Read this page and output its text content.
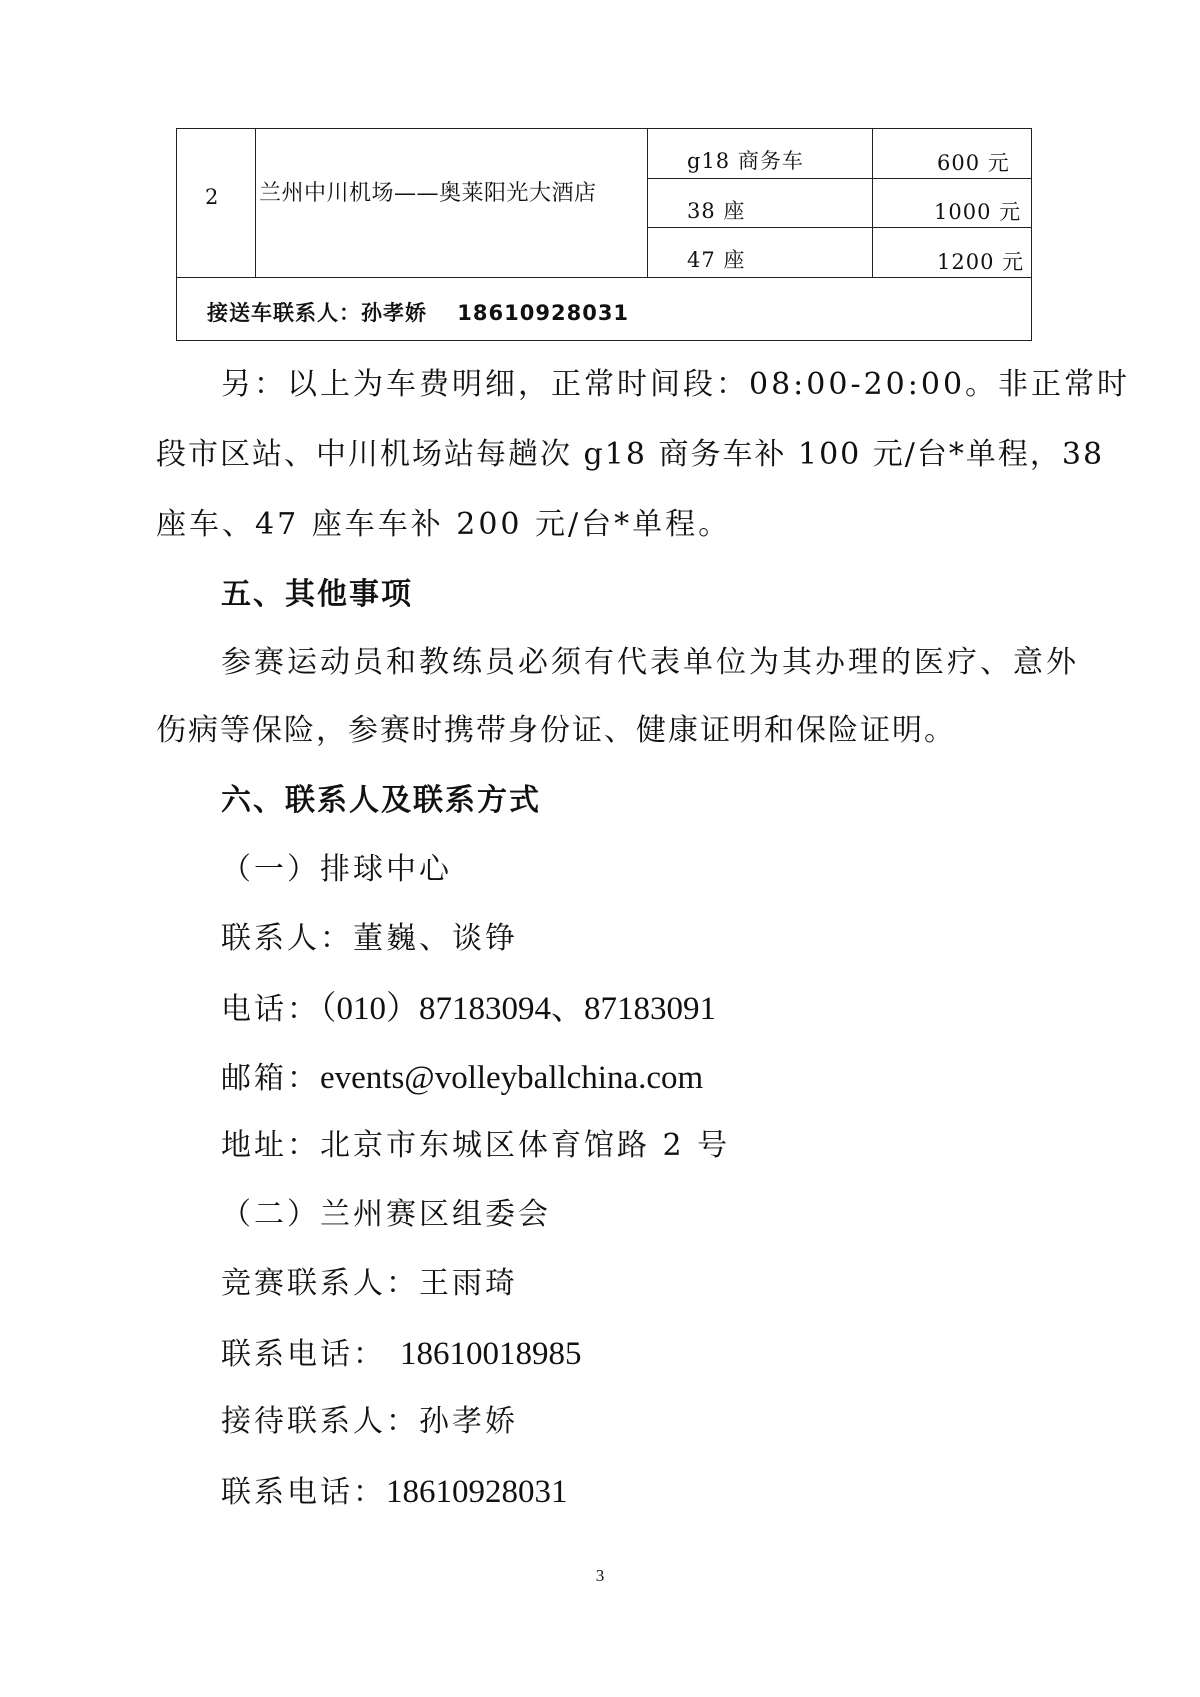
2 兰州中川机场——奥莱阳光大酒店
g18 商务车	600 元
38 座	1000 元
47 座	1200 元
接送车联系人：孙孝娇　 18610928031
另：以上为车费明细，正常时间段：08:00-20:00。非正常时
段市区站、中川机场站每趟次 g18 商务车补 100 元/台*单程，38
座车、47 座车车补 200 元/台*单程。
五、其他事项
参赛运动员和教练员必须有代表单位为其办理的医疗、意外
伤病等保险，参赛时携带身份证、健康证明和保险证明。
六、联系人及联系方式
（一）排球中心
联系人：董巍、谈铮
电话：（010）87183094、87183091
邮箱：events@volleyballchina.com
地址：北京市东城区体育馆路 2 号
（二）兰州赛区组委会
竞赛联系人：王雨琦
联系电话： 18610018985
接待联系人：孙孝娇
联系电话：18610928031
3
